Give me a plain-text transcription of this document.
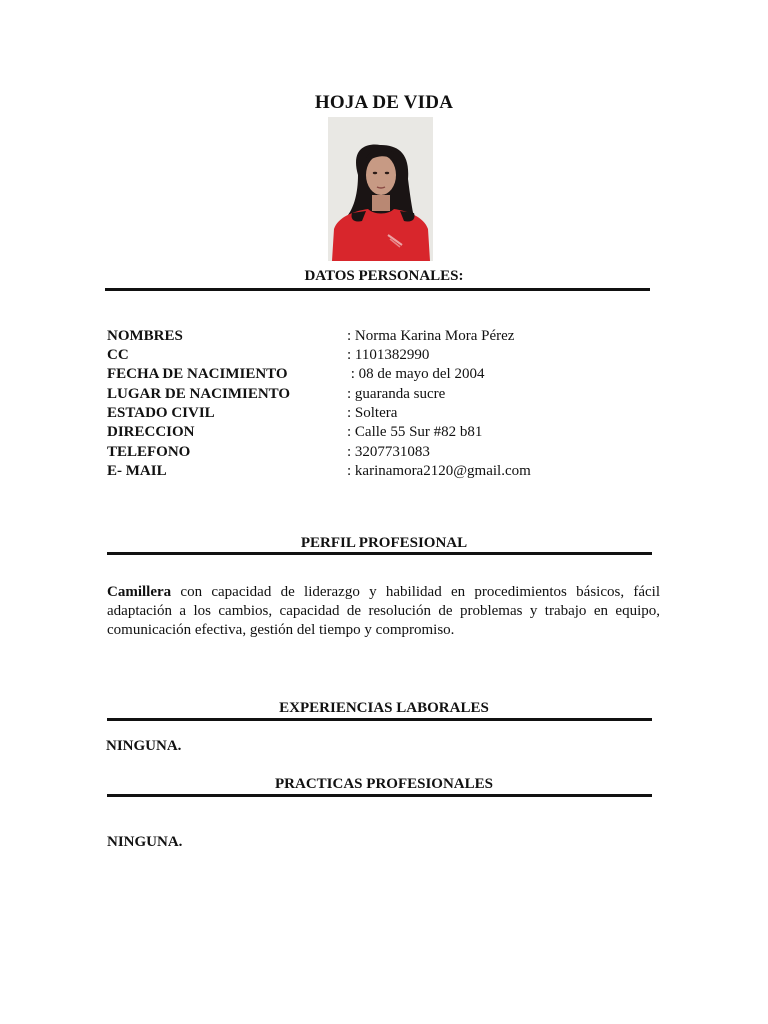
HOJA DE VIDA
DATOS PERSONALES:
NOMBRES	: Norma Karina Mora Pérez
CC	: 1101382990
FECHA DE NACIMIENTO	: 08 de mayo del 2004
LUGAR DE NACIMIENTO	: guaranda sucre
ESTADO CIVIL	: Soltera
DIRECCION	: Calle 55 Sur #82 b81
TELEFONO	: 3207731083
E- MAIL	: karinamora2120@gmail.com
PERFIL PROFESIONAL
Camillera con capacidad de liderazgo y habilidad en procedimientos básicos, fácil adaptación a los cambios, capacidad de resolución de problemas y trabajo en equipo, comunicación efectiva, gestión del tiempo y compromiso.
EXPERIENCIAS LABORALES
NINGUNA.
PRACTICAS PROFESIONALES
NINGUNA.
